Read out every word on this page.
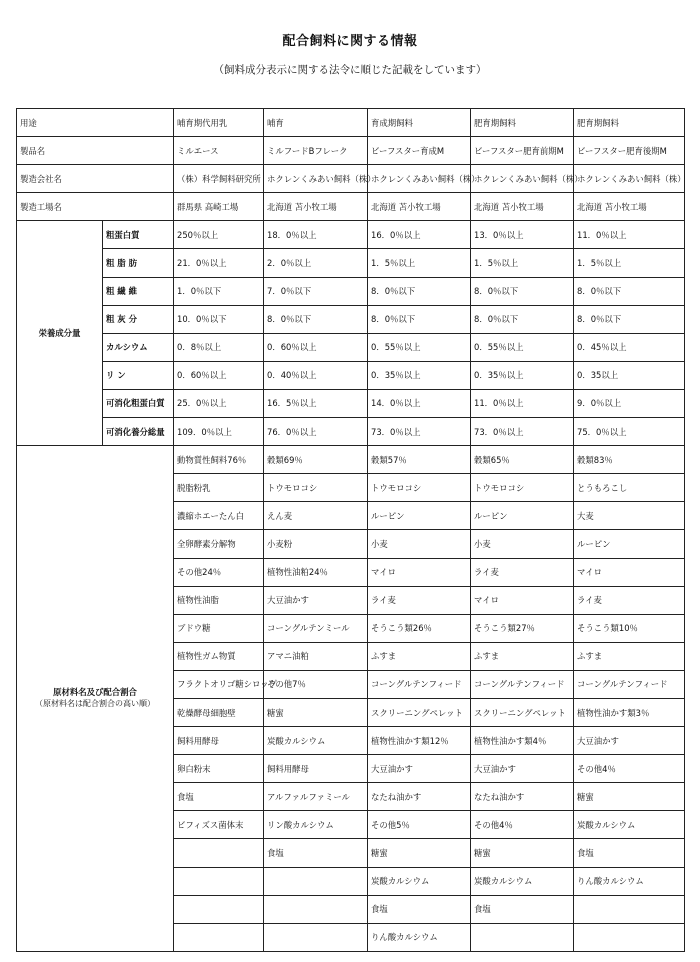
配合飼料に関する情報
（飼料成分表示に関する法令に順じた記載をしています）
用途		哺育期代用乳	哺育	育成期飼料	肥育期飼料	肥育期飼料
製品名		ミルエース	ミルフードBフレーク	ビーフスター育成M	ビーフスター肥育前期M	ビーフスター肥育後期M
製造会社名		（株）科学飼料研究所	ホクレンくみあい飼料（株）	ホクレンくみあい飼料（株）	ホクレンくみあい飼料（株）	ホクレンくみあい飼料（株）
製造工場名		群馬県 高崎工場	北海道 苫小牧工場	北海道 苫小牧工場	北海道 苫小牧工場	北海道 苫小牧工場
栄養成分量	粗蛋白質	250％以上	18．0％以上	16．0％以上	13．0％以上	11．0％以上
	粗 脂 肪	21．0％以上	2．0％以上	1．5％以上	1．5％以上	1．5％以上
	粗 繊 維	1．0％以下	7．0％以下	8．0％以下	8．0％以下	8．0％以下
	粗 灰 分	10．0％以下	8．0％以下	8．0％以下	8．0％以下	8．0％以下
	カルシウム	0．8％以上	0．60％以上	0．55％以上	0．55％以上	0．45％以上
	リ ン	0．60％以上	0．40％以上	0．35％以上	0．35％以上	0．35以上
	可消化粗蛋白質	25．0％以上	16．5％以上	14．0％以上	11．0％以上	9．0％以上
	可消化養分総量	109．0％以上	76．0％以上	73．0％以上	73．0％以上	75．0％以上

原材料名及び配合割合
（原材料名は配合割合の高い順）		動物質性飼料76％	穀類69％	穀類57％	穀類65％	穀類83％
		脱脂粉乳	トウモロコシ	トウモロコシ	トウモロコシ	とうもろこし
		濃縮ホエーたん白	えん麦	ルーピン	ルーピン	大麦
		全卵酵素分解物	小麦粉	小麦	小麦	ルーピン
		その他24％	植物性油粕24％	マイロ	ライ麦	マイロ
		植物性油脂	大豆油かす	ライ麦	マイロ	ライ麦
		ブドウ糖	コーングルテンミール	そうこう類26％	そうこう類27％	そうこう類10％
		植物性ガム物質	アマニ油粕	ふすま	ふすま	ふすま
		フラクトオリゴ糖シロップ	その他7％	コーングルテンフィード	コーングルテンフィード	コーングルテンフィード
		乾燥酵母細胞壁	糖蜜	スクリーニングペレット	スクリーニングペレット	植物性油かす類3％
		飼料用酵母	炭酸カルシウム	植物性油かす類12％	植物性油かす類4％	大豆油かす
		卵白粉末	飼料用酵母	大豆油かす	大豆油かす	その他4％
		食塩	アルファルファミール	なたね油かす	なたね油かす	糖蜜
		ビフィズス菌体末	リン酸カルシウム	その他5％	その他4％	炭酸カルシウム
			食塩	糖蜜	糖蜜	食塩
				炭酸カルシウム	炭酸カルシウム	りん酸カルシウム
				食塩	食塩	
				りん酸カルシウム		
